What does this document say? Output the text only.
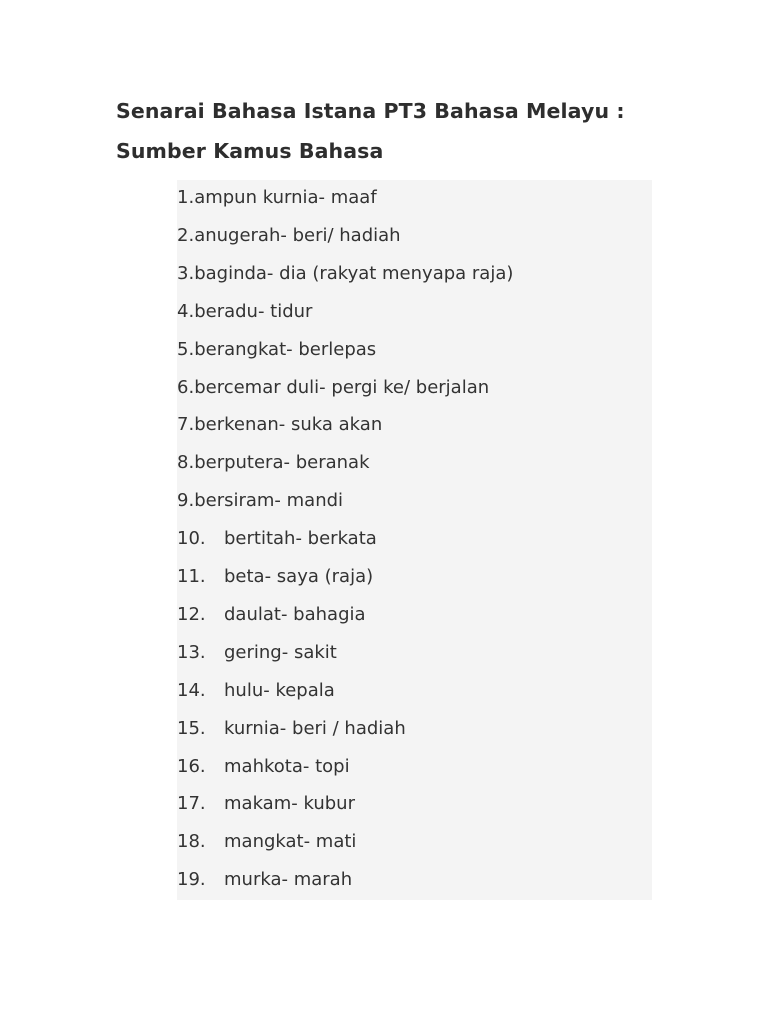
Senarai Bahasa Istana PT3 Bahasa Melayu :
Sumber Kamus Bahasa
1.ampun kurnia- maaf
2.anugerah- beri/ hadiah
3.baginda- dia (rakyat menyapa raja)
4.beradu- tidur
5.berangkat- berlepas
6.bercemar duli- pergi ke/ berjalan
7.berkenan- suka akan
8.berputera- beranak
9.bersiram- mandi
10. bertitah- berkata
11. beta- saya (raja)
12. daulat- bahagia
13. gering- sakit
14. hulu- kepala
15. kurnia- beri / hadiah
16. mahkota- topi
17. makam- kubur
18. mangkat- mati
19. murka- marah
